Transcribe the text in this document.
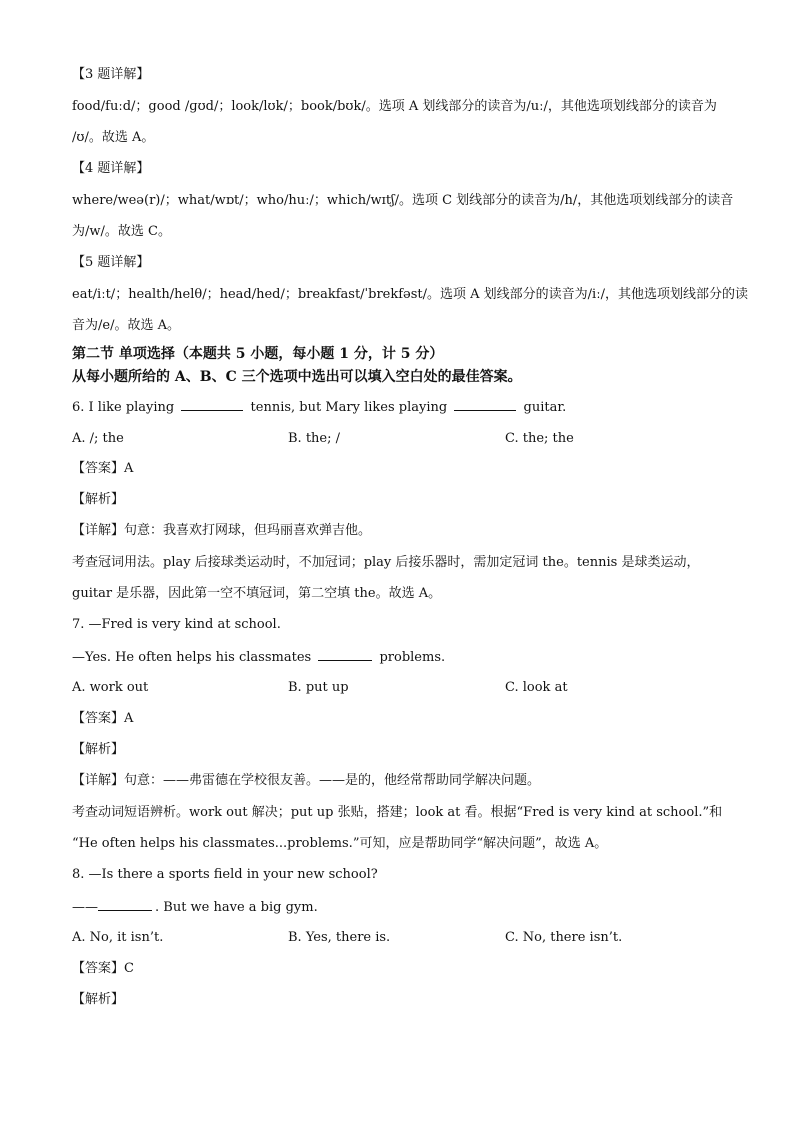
【3 题详解】
food/fuːd/；good /ɡʊd/；look/lʊk/；book/bʊk/。选项 A 划线部分的读音为/uː/，其他选项划线部分的读音为
/ʊ/。故选 A。
【4 题详解】
where/weə(r)/；what/wɒt/；who/huː/；which/wɪtʃ/。选项 C 划线部分的读音为/h/，其他选项划线部分的读音
为/w/。故选 C。
【5 题详解】
eat/iːt/；health/helθ/；head/hed/；breakfast/ˈbrekfəst/。选项 A 划线部分的读音为/iː/，其他选项划线部分的读
音为/e/。故选 A。
第二节 单项选择（本题共 5 小题，每小题 1 分，计 5 分）
从每小题所给的 A、B、C 三个选项中选出可以填入空白处的最佳答案。
6. I like playing	tennis, but Mary likes playing	guitar.
A. /; the	B. the; /	C. the; the
【答案】A
【解析】
【详解】句意：我喜欢打网球，但玛丽喜欢弹吉他。
考查冠词用法。play 后接球类运动时，不加冠词；play 后接乐器时，需加定冠词 the。tennis 是球类运动，
guitar 是乐器，因此第一空不填冠词，第二空填 the。故选 A。
7. —Fred is very kind at school.
—Yes. He often helps his classmates	problems.
A. work out	B. put up	C. look at
【答案】A
【解析】
【详解】句意：——弗雷德在学校很友善。——是的，他经常帮助同学解决问题。
考查动词短语辨析。work out 解决；put up 张贴，搭建；look at 看。根据“Fred is very kind at school.”和
“He often helps his classmates...problems.”可知，应是帮助同学“解决问题”，故选 A。
8. —Is there a sports field in your new school?
——	. But we have a big gym.
A. No, it isn’t.	B. Yes, there is.	C. No, there isn’t.
【答案】C
【解析】
